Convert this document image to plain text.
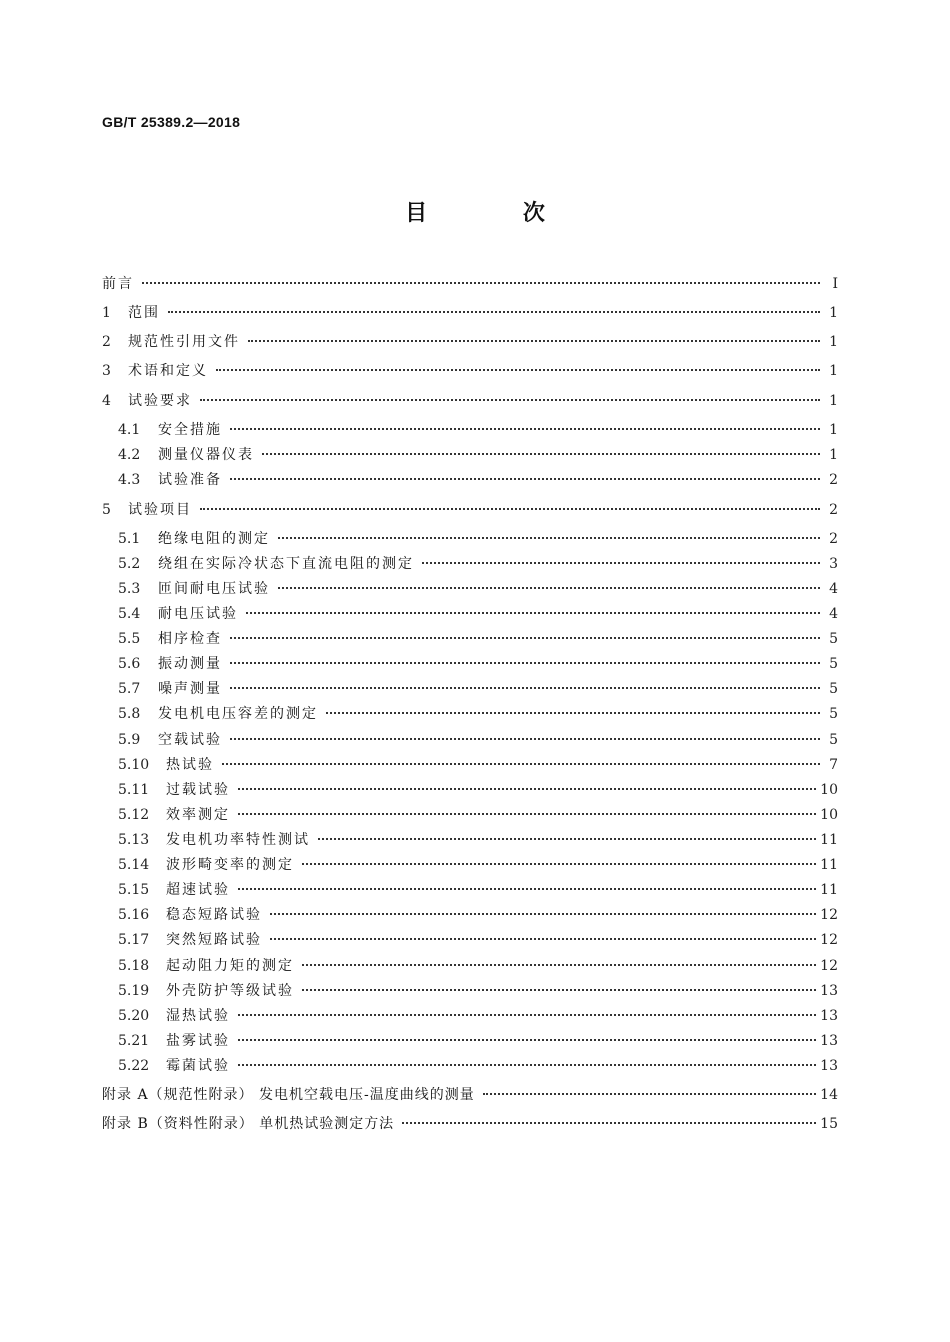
GB/T 25389.2—2018
目 次
前言	Ⅰ
1	范围	1
2	规范性引用文件	1
3	术语和定义	1
4	试验要求	1
4.1	安全措施	1
4.2	测量仪器仪表	1
4.3	试验准备	2
5	试验项目	2
5.1	绝缘电阻的测定	2
5.2	绕组在实际冷状态下直流电阻的测定	3
5.3	匝间耐电压试验	4
5.4	耐电压试验	4
5.5	相序检查	5
5.6	振动测量	5
5.7	噪声测量	5
5.8	发电机电压容差的测定	5
5.9	空载试验	5
5.10	热试验	7
5.11	过载试验	10
5.12	效率测定	10
5.13	发电机功率特性测试	11
5.14	波形畸变率的测定	11
5.15	超速试验	11
5.16	稳态短路试验	12
5.17	突然短路试验	12
5.18	起动阻力矩的测定	12
5.19	外壳防护等级试验	13
5.20	湿热试验	13
5.21	盐雾试验	13
5.22	霉菌试验	13
附录 A（规范性附录） 发电机空载电压-温度曲线的测量	14
附录 B（资料性附录） 单机热试验测定方法	15
